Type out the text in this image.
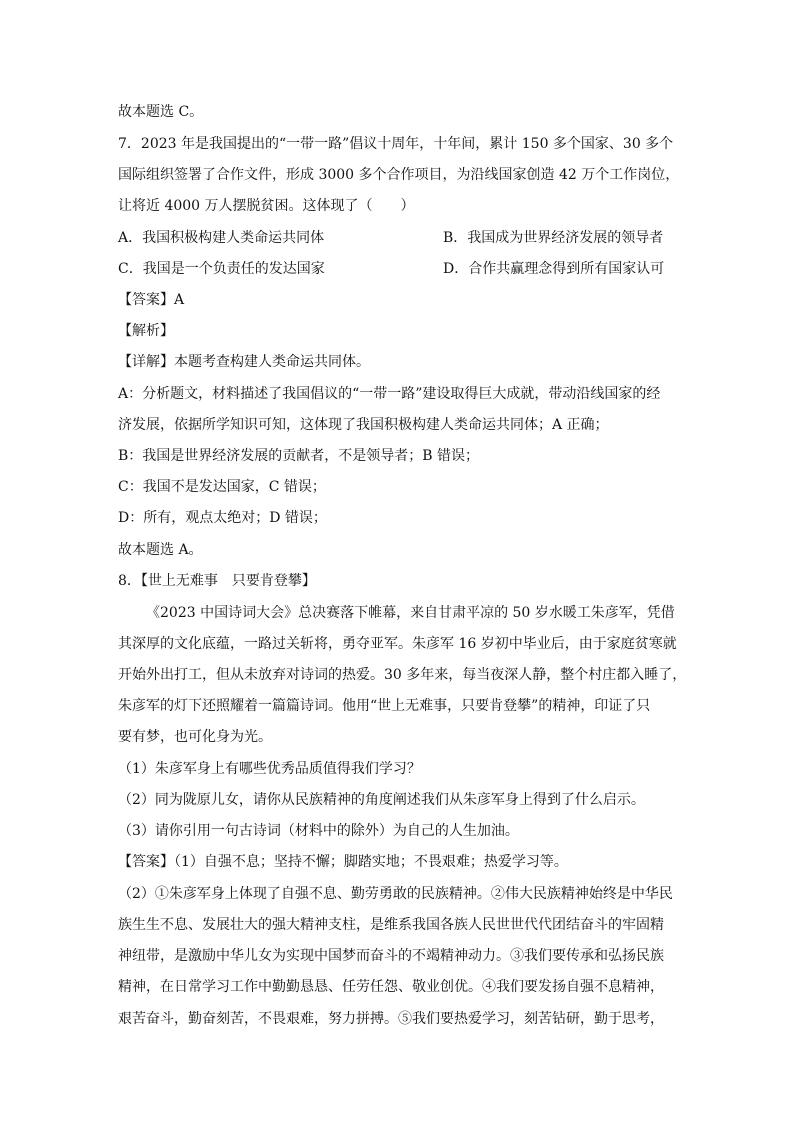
故本题选 C。
7．2023 年是我国提出的“一带一路”倡议十周年，十年间，累计 150 多个国家、30 多个
国际组织签署了合作文件，形成 3000 多个合作项目，为沿线国家创造 42 万个工作岗位，
让将近 4000 万人摆脱贫困。这体现了（　　）
A．我国积极构建人类命运共同体	B．我国成为世界经济发展的领导者
C．我国是一个负责任的发达国家	D．合作共赢理念得到所有国家认可
【答案】A
【解析】
【详解】本题考查构建人类命运共同体。
A：分析题文，材料描述了我国倡议的“一带一路”建设取得巨大成就，带动沿线国家的经
济发展，依据所学知识可知，这体现了我国积极构建人类命运共同体；A 正确；
B：我国是世界经济发展的贡献者，不是领导者；B 错误；
C：我国不是发达国家，C 错误；
D：所有，观点太绝对；D 错误；
故本题选 A。
8．【世上无难事　只要肯登攀】
《2023 中国诗词大会》总决赛落下帷幕，来自甘肃平凉的 50 岁水暖工朱彦军，凭借
其深厚的文化底蕴，一路过关斩将，勇夺亚军。朱彦军 16 岁初中毕业后，由于家庭贫寒就
开始外出打工，但从未放弃对诗词的热爱。30 多年来，每当夜深人静，整个村庄都入睡了，
朱彦军的灯下还照耀着一篇篇诗词。他用“世上无难事，只要肯登攀”的精神，印证了只
要有梦，也可化身为光。
（1）朱彦军身上有哪些优秀品质值得我们学习？
（2）同为陇原儿女，请你从民族精神的角度阐述我们从朱彦军身上得到了什么启示。
（3）请你引用一句古诗词（材料中的除外）为自己的人生加油。
【答案】（1）自强不息；坚持不懈；脚踏实地；不畏艰难；热爱学习等。
（2）①朱彦军身上体现了自强不息、勤劳勇敢的民族精神。②伟大民族精神始终是中华民
族生生不息、发展壮大的强大精神支柱，是维系我国各族人民世世代代团结奋斗的牢固精
神纽带，是激励中华儿女为实现中国梦而奋斗的不竭精神动力。③我们要传承和弘扬民族
精神，在日常学习工作中勤勤恳恳、任劳任怨、敬业创优。④我们要发扬自强不息精神，
艰苦奋斗，勤奋刻苦，不畏艰难，努力拼搏。⑤我们要热爱学习，刻苦钻研，勤于思考，
